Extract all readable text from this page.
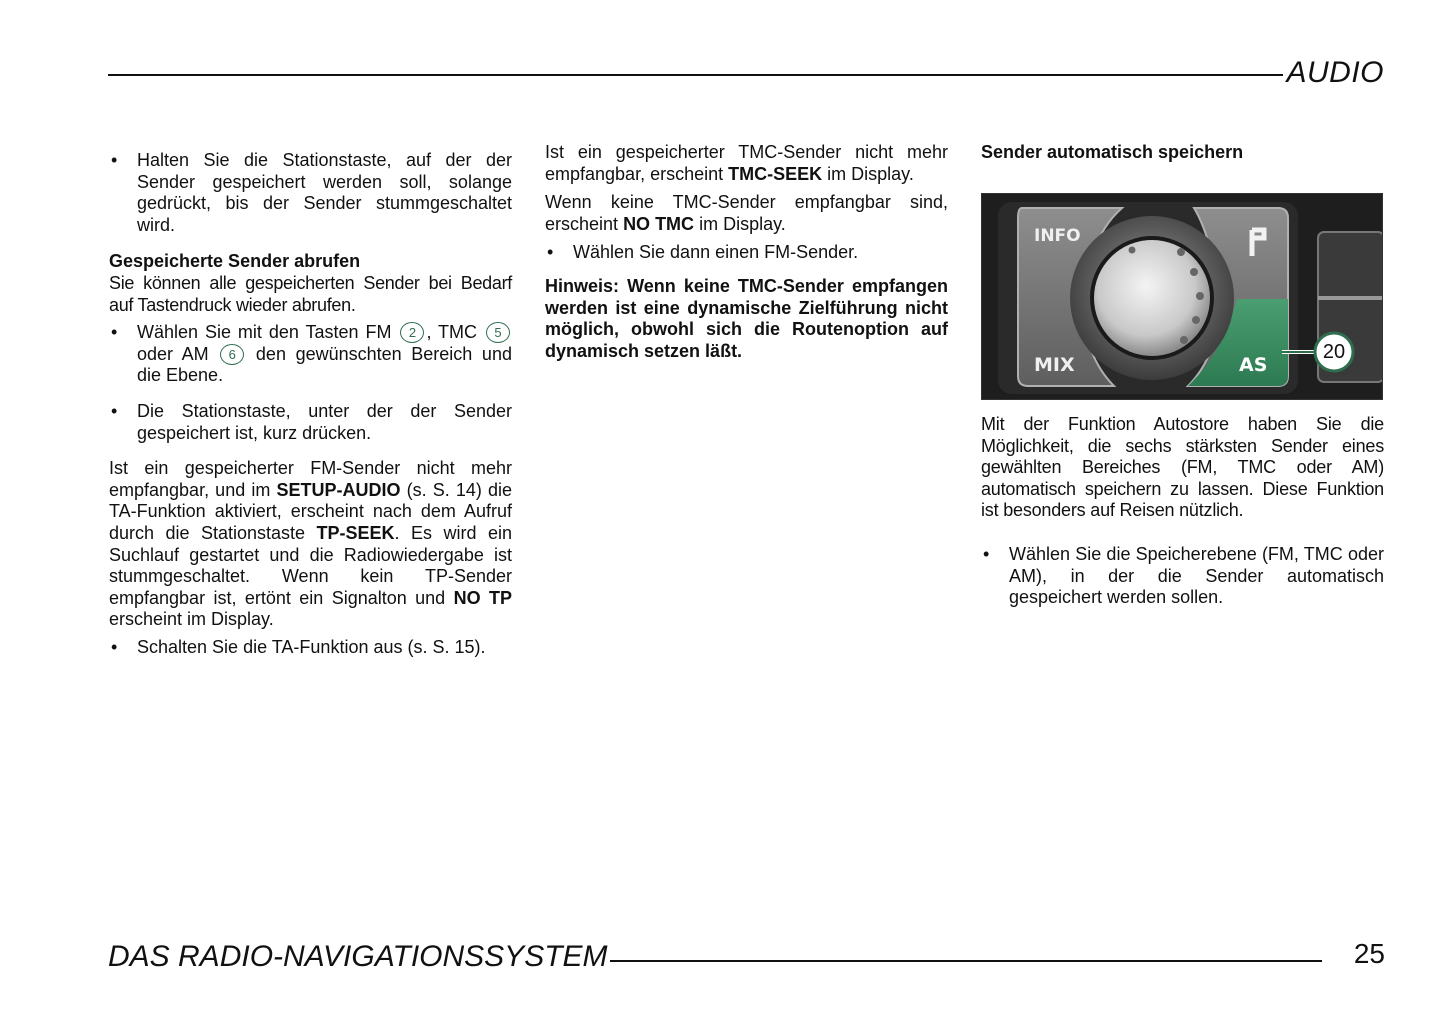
AUDIO

• Halten Sie die Stationstaste, auf der der Sender gespeichert werden soll, solange gedrückt, bis der Sender stummgeschaltet wird.

Gespeicherte Sender abrufen

Sie können alle gespeicherten Sender bei Bedarf auf Tastendruck wieder abrufen.

• Wählen Sie mit den Tasten FM 2 , TMC 5 oder AM 6 den gewünschten Bereich und die Ebene.

• Die Stationstaste, unter der der Sender gespeichert ist, kurz drücken.

Ist ein gespeicherter FM-Sender nicht mehr empfangbar, und im SETUP-AUDIO (s. S. 14) die TA-Funktion aktiviert, erscheint nach dem Aufruf durch die Stationstaste TP-SEEK. Es wird ein Suchlauf gestartet und die Radiowiedergabe ist stummgeschaltet. Wenn kein TP-Sender empfangbar ist, ertönt ein Signalton und NO TP erscheint im Display.

• Schalten Sie die TA-Funktion aus (s. S. 15).

Ist ein gespeicherter TMC-Sender nicht mehr empfangbar, erscheint TMC-SEEK im Display.

Wenn keine TMC-Sender empfangbar sind, erscheint NO TMC im Display.

• Wählen Sie dann einen FM-Sender.

Hinweis: Wenn keine TMC-Sender empfangen werden ist eine dynamische Zielführung nicht möglich, obwohl sich die Routenoption auf dynamisch setzen läßt.

Sender automatisch speichern

INFO
MIX	AS
20

Mit der Funktion Autostore haben Sie die Möglichkeit, die sechs stärksten Sender eines gewählten Bereiches (FM, TMC oder AM) automatisch speichern zu lassen. Diese Funktion ist besonders auf Reisen nützlich.

• Wählen Sie die Speicherebene (FM, TMC oder AM), in der die Sender automatisch gespeichert werden sollen.

DAS RADIO-NAVIGATIONSSYSTEM	25
